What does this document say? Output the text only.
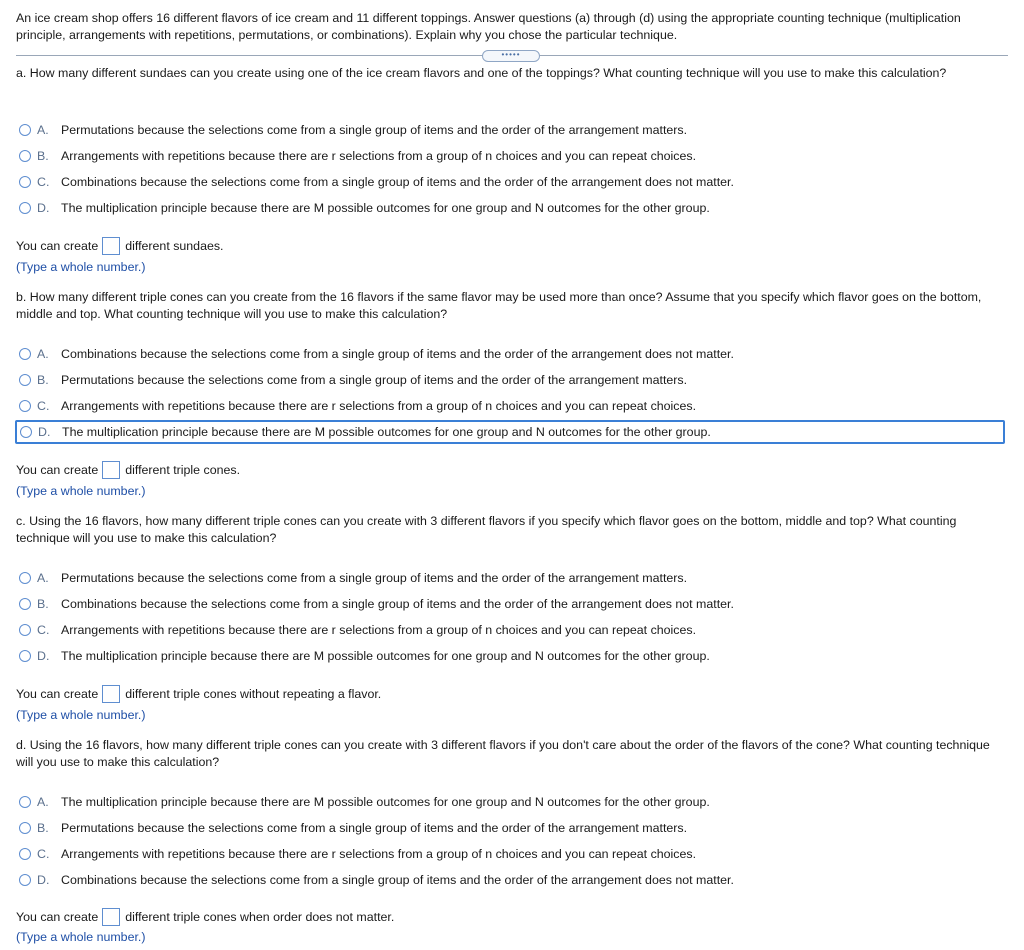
An ice cream shop offers 16 different flavors of ice cream and 11 different toppings. Answer questions (a) through (d) using the appropriate counting technique (multiplication principle, arrangements with repetitions, permutations, or combinations). Explain why you chose the particular technique.
•••••
a. How many different sundaes can you create using one of the ice cream flavors and one of the toppings? What counting technique will you use to make this calculation?
A. Permutations because the selections come from a single group of items and the order of the arrangement matters.
B. Arrangements with repetitions because there are r selections from a group of n choices and you can repeat choices.
C. Combinations because the selections come from a single group of items and the order of the arrangement does not matter.
D. The multiplication principle because there are M possible outcomes for one group and N outcomes for the other group.
You can create different sundaes.
(Type a whole number.)
b. How many different triple cones can you create from the 16 flavors if the same flavor may be used more than once? Assume that you specify which flavor goes on the bottom, middle and top. What counting technique will you use to make this calculation?
A. Combinations because the selections come from a single group of items and the order of the arrangement does not matter.
B. Permutations because the selections come from a single group of items and the order of the arrangement matters.
C. Arrangements with repetitions because there are r selections from a group of n choices and you can repeat choices.
D. The multiplication principle because there are M possible outcomes for one group and N outcomes for the other group.
You can create different triple cones.
(Type a whole number.)
c. Using the 16 flavors, how many different triple cones can you create with 3 different flavors if you specify which flavor goes on the bottom, middle and top? What counting technique will you use to make this calculation?
A. Permutations because the selections come from a single group of items and the order of the arrangement matters.
B. Combinations because the selections come from a single group of items and the order of the arrangement does not matter.
C. Arrangements with repetitions because there are r selections from a group of n choices and you can repeat choices.
D. The multiplication principle because there are M possible outcomes for one group and N outcomes for the other group.
You can create different triple cones without repeating a flavor.
(Type a whole number.)
d. Using the 16 flavors, how many different triple cones can you create with 3 different flavors if you don't care about the order of the flavors of the cone? What counting technique will you use to make this calculation?
A. The multiplication principle because there are M possible outcomes for one group and N outcomes for the other group.
B. Permutations because the selections come from a single group of items and the order of the arrangement matters.
C. Arrangements with repetitions because there are r selections from a group of n choices and you can repeat choices.
D. Combinations because the selections come from a single group of items and the order of the arrangement does not matter.
You can create different triple cones when order does not matter.
(Type a whole number.)
